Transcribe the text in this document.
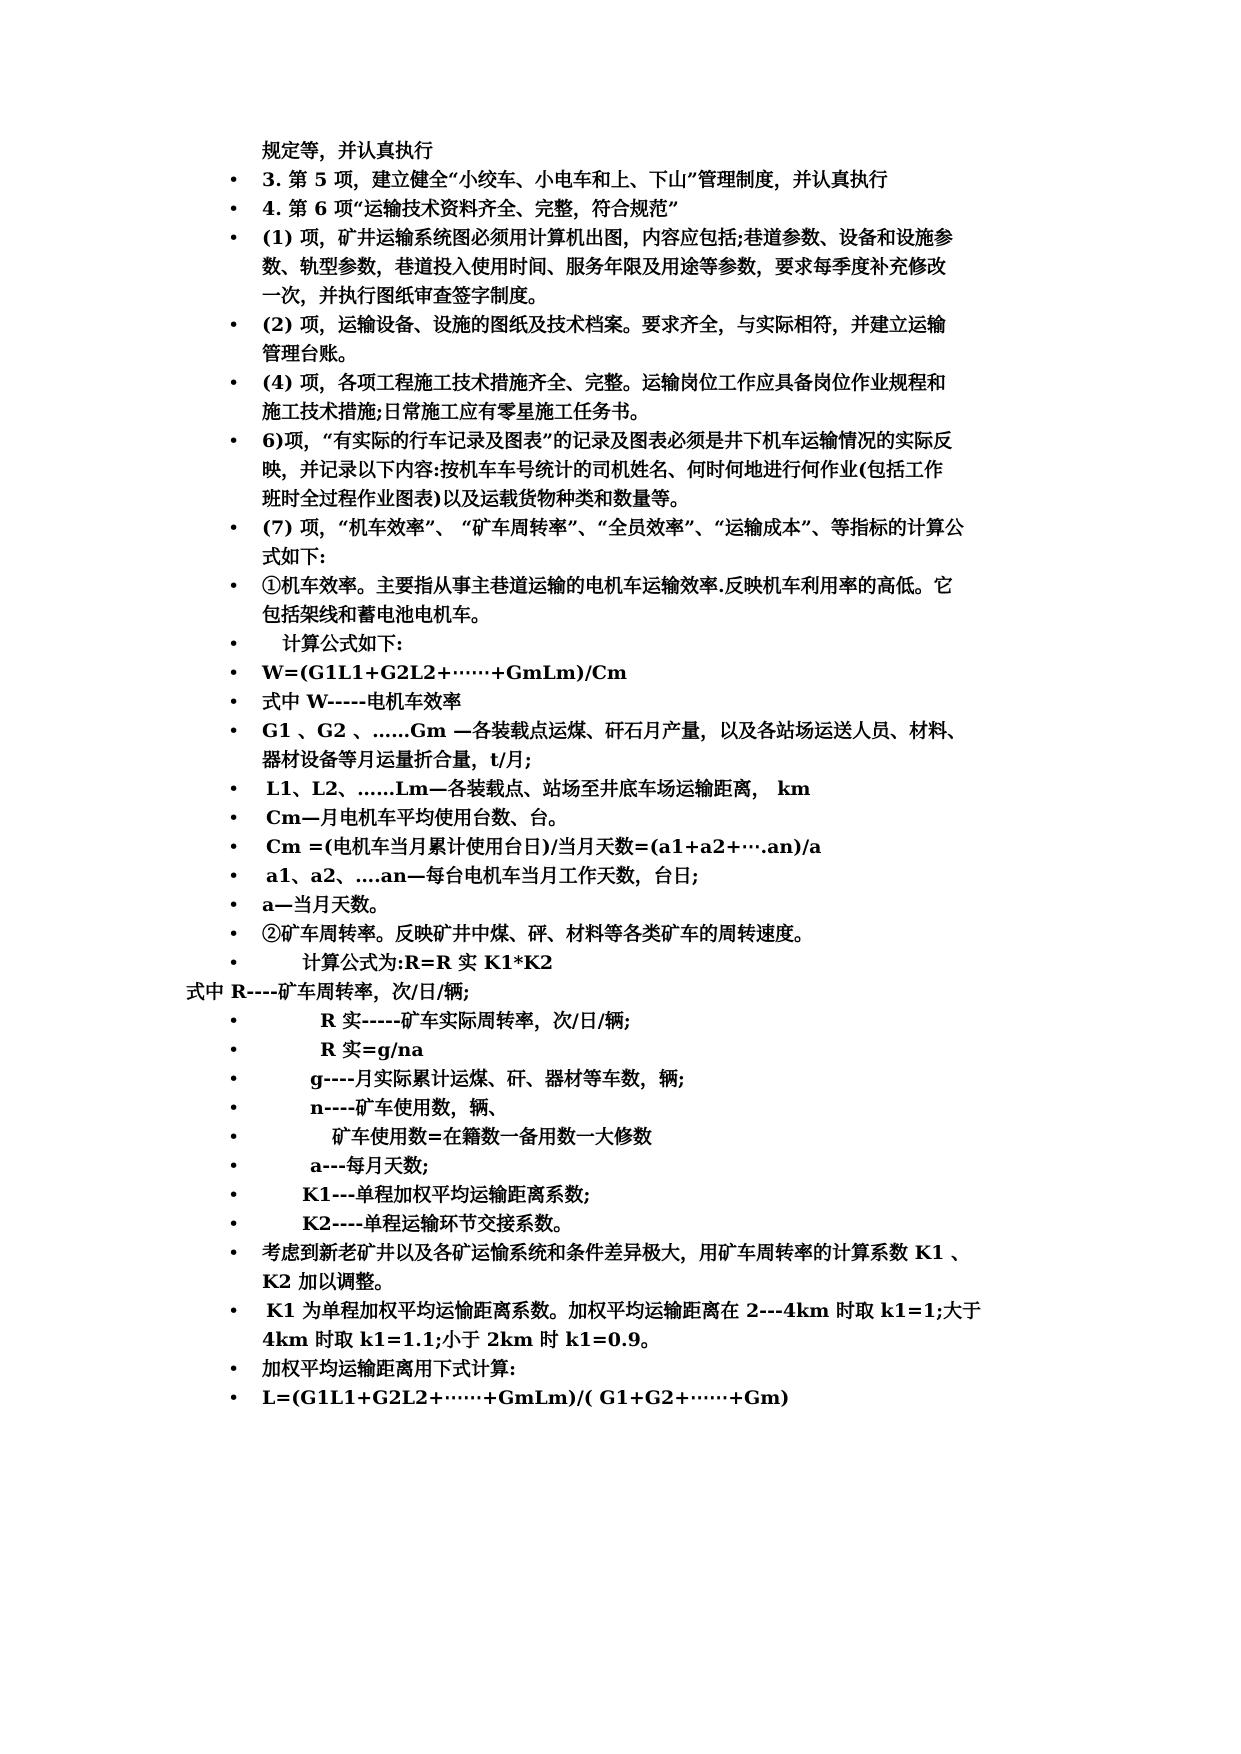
规定等，并认真执行
• 3. 第 5 项，建立健全“小绞车、小电车和上、下山”管理制度，并认真执行
• 4. 第 6 项“运输技术资料齐全、完整，符合规范”
• (1) 项，矿井运输系统图必须用计算机出图，内容应包括;巷道参数、设备和设施参
数、轨型参数，巷道投入使用时间、服务年限及用途等参数，要求每季度补充修改
一次，并执行图纸审查签字制度。
• (2) 项，运输设备、设施的图纸及技术档案。要求齐全，与实际相符，并建立运输
管理台账。
• (4) 项，各项工程施工技术措施齐全、完整。运输岗位工作应具备岗位作业规程和
施工技术措施;日常施工应有零星施工任务书。
• 6)项，“有实际的行车记录及图表”的记录及图表必须是井下机车运输情况的实际反
映，并记录以下内容:按机车车号统计的司机姓名、何时何地进行何作业(包括工作
班时全过程作业图表)以及运载货物种类和数量等。
• (7) 项，“机车效率”、 “矿车周转率”、“全员效率”、“运输成本”、等指标的计算公
式如下:
• ①机车效率。主要指从事主巷道运输的电机车运输效率.反映机车利用率的高低。它
包括架线和蓄电池电机车。
• 计算公式如下:
• W=(G1L1+G2L2+⋯⋯+GmLm)/Cm
• 式中 W-----电机车效率
• G1 、G2 、……Gm —各装载点运煤、矸石月产量，以及各站场运送人员、材料、
器材设备等月运量折合量，t/月;
• L1、L2、……Lm—各装载点、站场至井底车场运输距离， km
• Cm—月电机车平均使用台数、台。
• Cm =(电机车当月累计使用台日)/当月天数=(a1+a2+⋯.an)/a
• a1、a2、….an—每台电机车当月工作天数，台日;
• a—当月天数。
• ②矿车周转率。反映矿井中煤、砰、材料等各类矿车的周转速度。
•	计算公式为:R=R 实 K1*K2
式中 R----矿车周转率，次/日/辆;
•	R 实-----矿车实际周转率，次/日/辆;
•	R 实=g/na
•	g----月实际累计运煤、矸、器材等车数，辆;
•	n----矿车使用数，辆、
•	矿车使用数=在籍数一备用数一大修数
•	a---每月天数;
•	K1---单程加权平均运输距离系数;
•	K2----单程运输环节交接系数。
• 考虑到新老矿井以及各矿运愉系统和条件差异极大，用矿车周转率的计算系数 K1 、
K2 加以调整。
• K1 为单程加权平均运愉距离系数。加权平均运输距离在 2---4km 时取 k1=1;大于
4km 时取 k1=1.1;小于 2km 时 k1=0.9。
• 加权平均运输距离用下式计算:
• L=(G1L1+G2L2+⋯⋯+GmLm)/( G1+G2+⋯⋯+Gm)
